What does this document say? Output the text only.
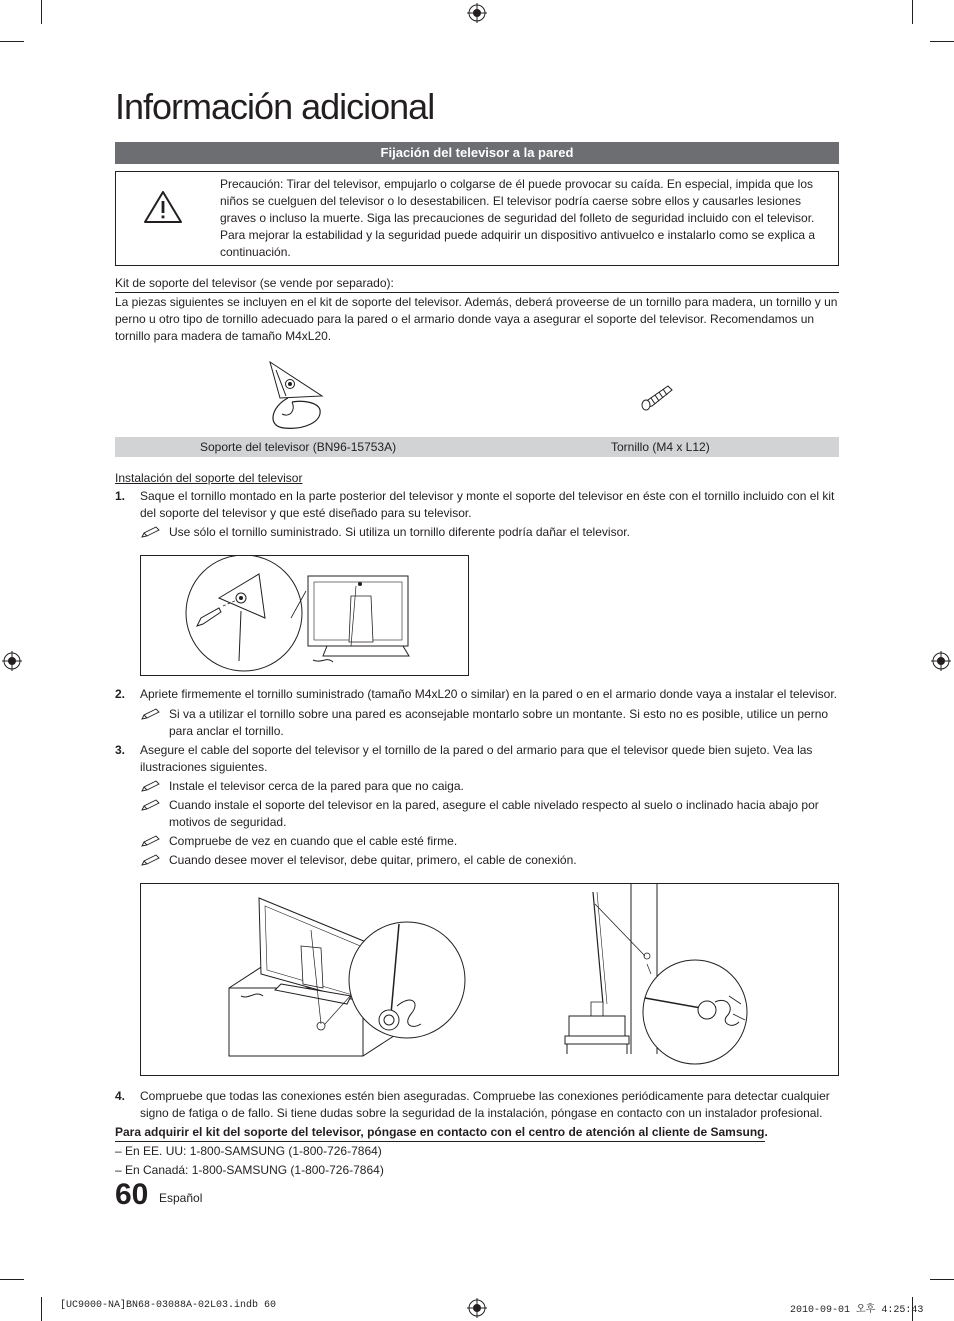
Información adicional
Fijación del televisor a la pared
Precaución: Tirar del televisor, empujarlo o colgarse de él puede provocar su caída. En especial, impida que los niños se cuelguen del televisor o lo desestabilicen. El televisor podría caerse sobre ellos y causarles lesiones graves o incluso la muerte. Siga las precauciones de seguridad del folleto de seguridad incluido con el televisor. Para mejorar la estabilidad y la seguridad puede adquirir un dispositivo antivuelco e instalarlo como se explica a continuación.
Kit de soporte del televisor (se vende por separado):
La piezas siguientes se incluyen en el kit de soporte del televisor. Además, deberá proveerse de un tornillo para madera, un tornillo y un perno u otro tipo de tornillo adecuado para la pared o el armario donde vaya a asegurar el soporte del televisor. Recomendamos un tornillo para madera de tamaño M4xL20.
Soporte del televisor (BN96-15753A)	Tornillo (M4 x L12)
Instalación del soporte del televisor
1.	Saque el tornillo montado en la parte posterior del televisor y monte el soporte del televisor en éste con el tornillo incluido con el kit del soporte del televisor y que esté diseñado para su televisor.
Use sólo el tornillo suministrado. Si utiliza un tornillo diferente podría dañar el televisor.
2.	Apriete firmemente el tornillo suministrado (tamaño M4xL20 o similar) en la pared o en el armario donde vaya a instalar el televisor.
Si va a utilizar el tornillo sobre una pared es aconsejable montarlo sobre un montante. Si esto no es posible, utilice un perno para anclar el tornillo.
3.	Asegure el cable del soporte del televisor y el tornillo de la pared o del armario para que el televisor quede bien sujeto. Vea las ilustraciones siguientes.
Instale el televisor cerca de la pared para que no caiga.
Cuando instale el soporte del televisor en la pared, asegure el cable nivelado respecto al suelo o inclinado hacia abajo por motivos de seguridad.
Compruebe de vez en cuando que el cable esté firme.
Cuando desee mover el televisor, debe quitar, primero, el cable de conexión.
4.	Compruebe que todas las conexiones estén bien aseguradas. Compruebe las conexiones periódicamente para detectar cualquier signo de fatiga o de fallo. Si tiene dudas sobre la seguridad de la instalación, póngase en contacto con un instalador profesional.
Para adquirir el kit del soporte del televisor, póngase en contacto con el centro de atención al cliente de Samsung.
– En EE. UU: 1-800-SAMSUNG (1-800-726-7864)
– En Canadá: 1-800-SAMSUNG (1-800-726-7864)
60 Español
[UC9000-NA]BN68-03088A-02L03.indb 60	2010-09-01 오후 4:25:43
